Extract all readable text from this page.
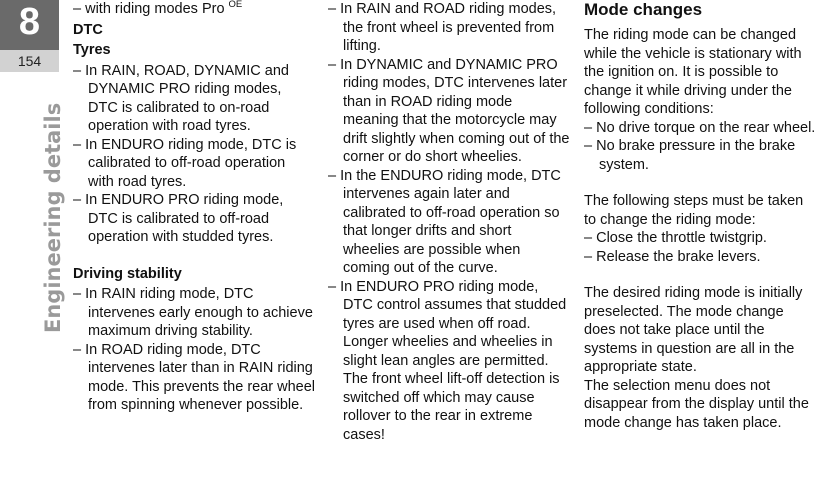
8
154
Engineering details

– with riding modes Pro $^{OE}$

DTC

Tyres

– In RAIN, ROAD, DYNAMIC and DYNAMIC PRO riding modes, DTC is calibrated to on-road operation with road tyres.

– In ENDURO riding mode, DTC is calibrated to off-road operation with road tyres.

– In ENDURO PRO riding mode, DTC is calibrated to off-road operation with studded tyres.

Driving stability

– In RAIN riding mode, DTC intervenes early enough to achieve maximum driving stability.

– In ROAD riding mode, DTC intervenes later than in RAIN riding mode. This prevents the rear wheel from spinning whenever possible.

– In RAIN and ROAD riding modes, the front wheel is prevented from lifting.

– In DYNAMIC and DYNAMIC PRO riding modes, DTC intervenes later than in ROAD riding mode meaning that the motorcycle may drift slightly when coming out of the corner or do short wheelies.

– In the ENDURO riding mode, DTC intervenes again later and calibrated to off-road operation so that longer drifts and short wheelies are possible when coming out of the curve.

– In ENDURO PRO riding mode, DTC control assumes that studded tyres are used when off road. Longer wheelies and wheelies in slight lean angles are permitted. The front wheel lift-off detection is switched off which may cause rollover to the rear in extreme cases!

Mode changes

The riding mode can be changed while the vehicle is stationary with the ignition on. It is possible to change it while driving under the following conditions:

– No drive torque on the rear wheel.

– No brake pressure in the brake system.

The following steps must be taken to change the riding mode:

– Close the throttle twistgrip.

– Release the brake levers.

The desired riding mode is initially preselected. The mode change does not take place until the systems in question are all in the appropriate state.

The selection menu does not disappear from the display until the mode change has taken place.
